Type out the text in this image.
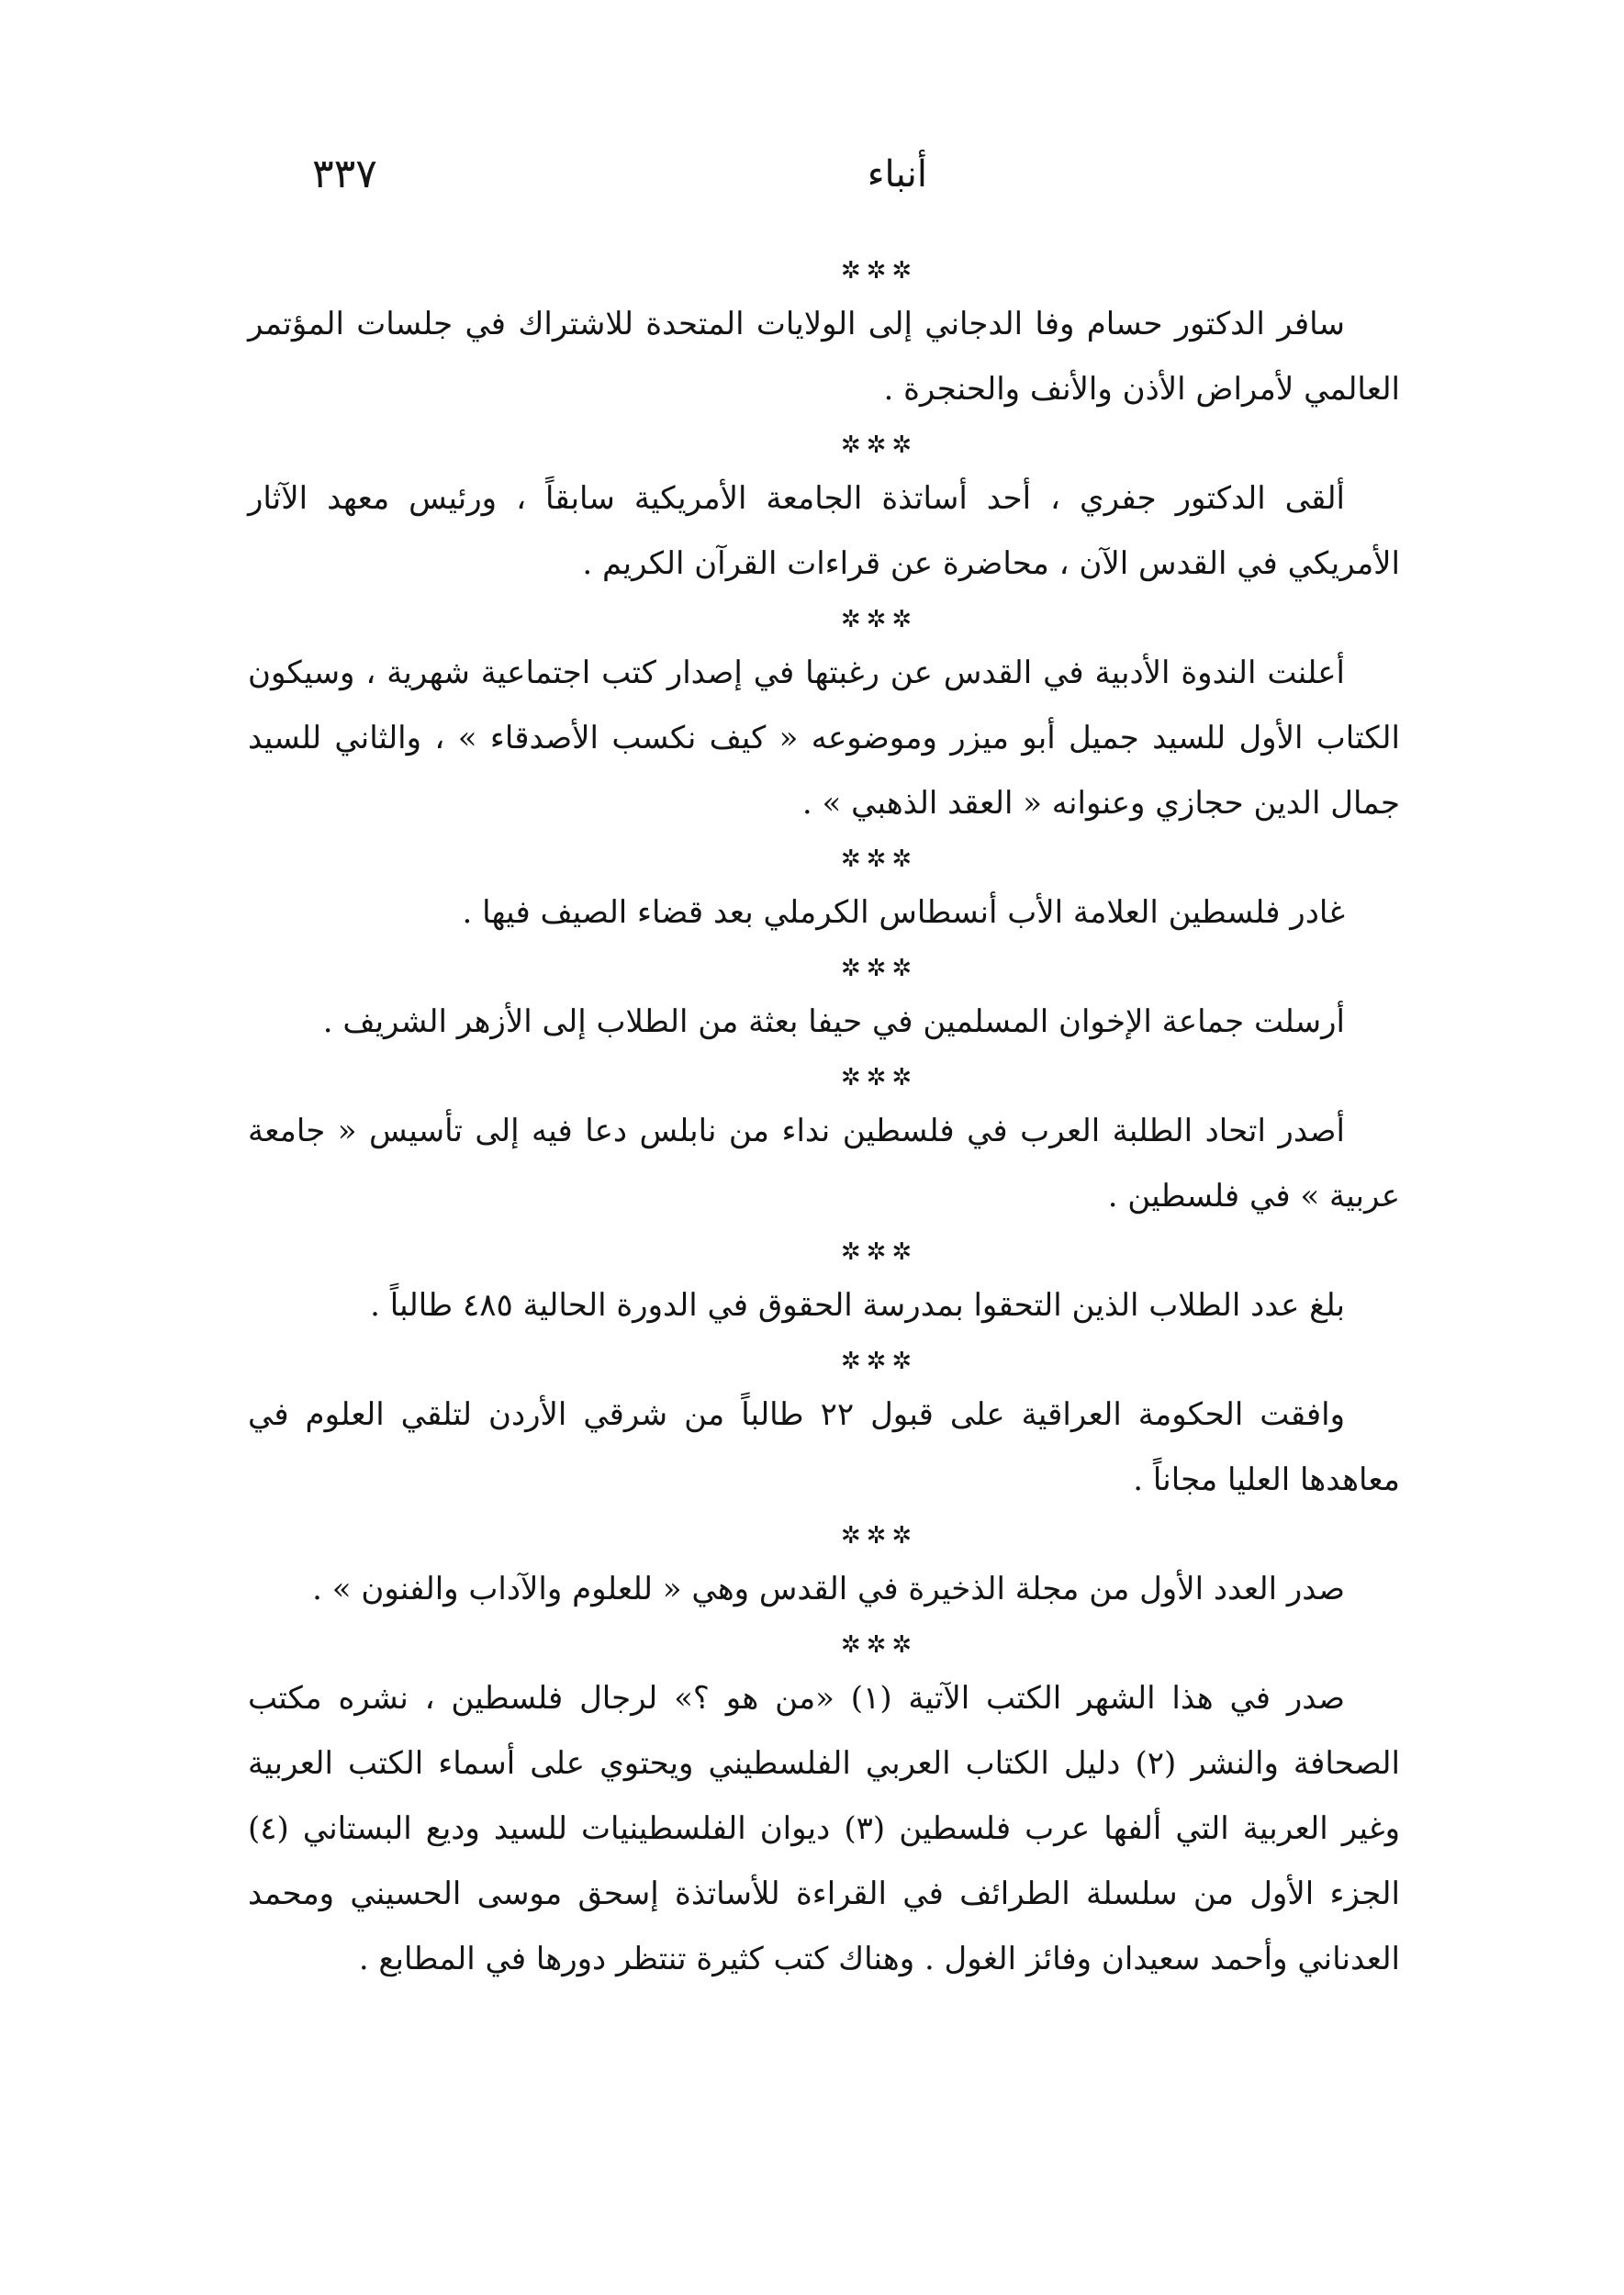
أنباء
٣٣٧
✲✲✲

سافر الدكتور حسام وفا الدجاني إلى الولايات المتحدة للاشتراك في جلسات المؤتمر العالمي لأمراض الأذن والأنف والحنجرة .

✲✲✲

ألقى الدكتور جفري ، أحد أساتذة الجامعة الأمريكية سابقاً ، ورئيس معهد الآثار الأمريكي في القدس الآن ، محاضرة عن قراءات القرآن الكريم .

✲✲✲

أعلنت الندوة الأدبية في القدس عن رغبتها في إصدار كتب اجتماعية شهرية ، وسيكون الكتاب الأول للسيد جميل أبو ميزر وموضوعه « كيف نكسب الأصدقاء » ، والثاني للسيد جمال الدين حجازي وعنوانه « العقد الذهبي » .

✲✲✲

غادر فلسطين العلامة الأب أنسطاس الكرملي بعد قضاء الصيف فيها .

✲✲✲

أرسلت جماعة الإخوان المسلمين في حيفا بعثة من الطلاب إلى الأزهر الشريف .

✲✲✲

أصدر اتحاد الطلبة العرب في فلسطين نداء من نابلس دعا فيه إلى تأسيس « جامعة عربية » في فلسطين .

✲✲✲

بلغ عدد الطلاب الذين التحقوا بمدرسة الحقوق في الدورة الحالية ٤٨٥ طالباً .

✲✲✲

وافقت الحكومة العراقية على قبول ٢٢ طالباً من شرقي الأردن لتلقي العلوم في معاهدها العليا مجاناً .

✲✲✲

صدر العدد الأول من مجلة الذخيرة في القدس وهي « للعلوم والآداب والفنون » .

✲✲✲

صدر في هذا الشهر الكتب الآتية (١) «من هو ؟» لرجال فلسطين ، نشره مكتب الصحافة والنشر (٢) دليل الكتاب العربي الفلسطيني ويحتوي على أسماء الكتب العربية وغير العربية التي ألفها عرب فلسطين (٣) ديوان الفلسطينيات للسيد وديع البستاني (٤) الجزء الأول من سلسلة الطرائف في القراءة للأساتذة إسحق موسى الحسيني ومحمد العدناني وأحمد سعيدان وفائز الغول . وهناك كتب كثيرة تنتظر دورها في المطابع .
